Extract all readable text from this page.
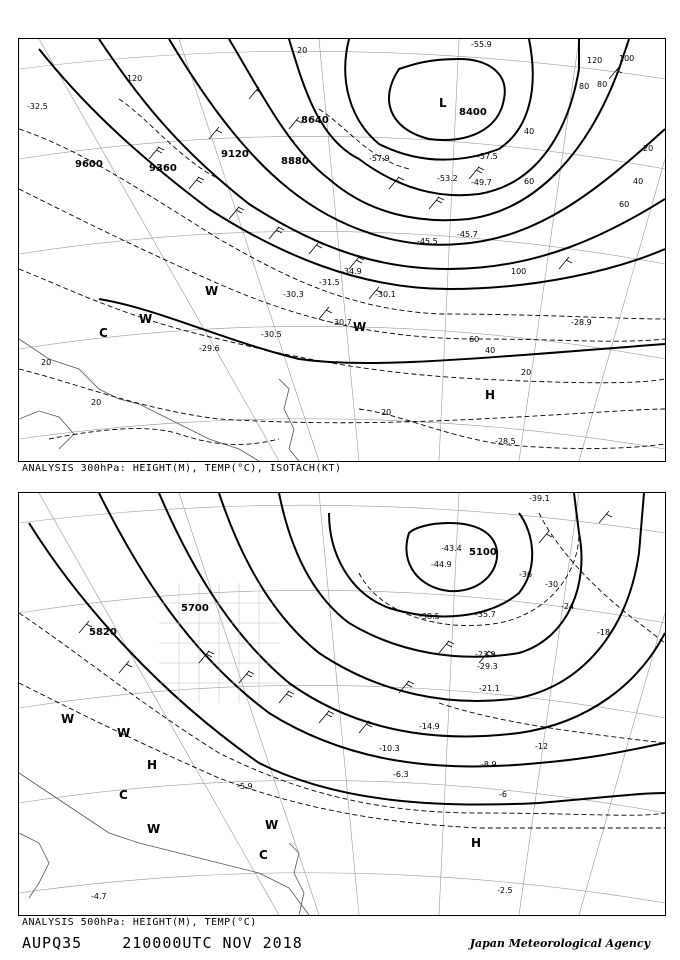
9600	9360
9120
8880
8640
8400
20
40
60
80
100
120
20
40
60
80
100
120
20
20
20
40
60
20
-28.5
-30.3
-30.7
-30.5
-28.9
-29.6
-31.5
-34.9
-45.5
-45.7
-49.7
-53.2
-55.9
-57.5
-57.9
-32.5
-30.1
L
H
W
W
W
C
ANALYSIS 300hPa: HEIGHT(M), TEMP(°C), ISOTACH(KT)
5820
5700
5100
-36
-30
-24
-18
-12
-6
-2.5
-4.7
-5.9
-6.3
-8.9
-10.3
-14.9
-21.1
-23.9
-29.3
-35.7
-38.5
-43.4
-44.9
-39.1
H
H
C
C
W
W
W	W
ANALYSIS 500hPa: HEIGHT(M), TEMP(°C)
AUPQ35	210000UTC NOV 2018	Japan Meteorological Agency
